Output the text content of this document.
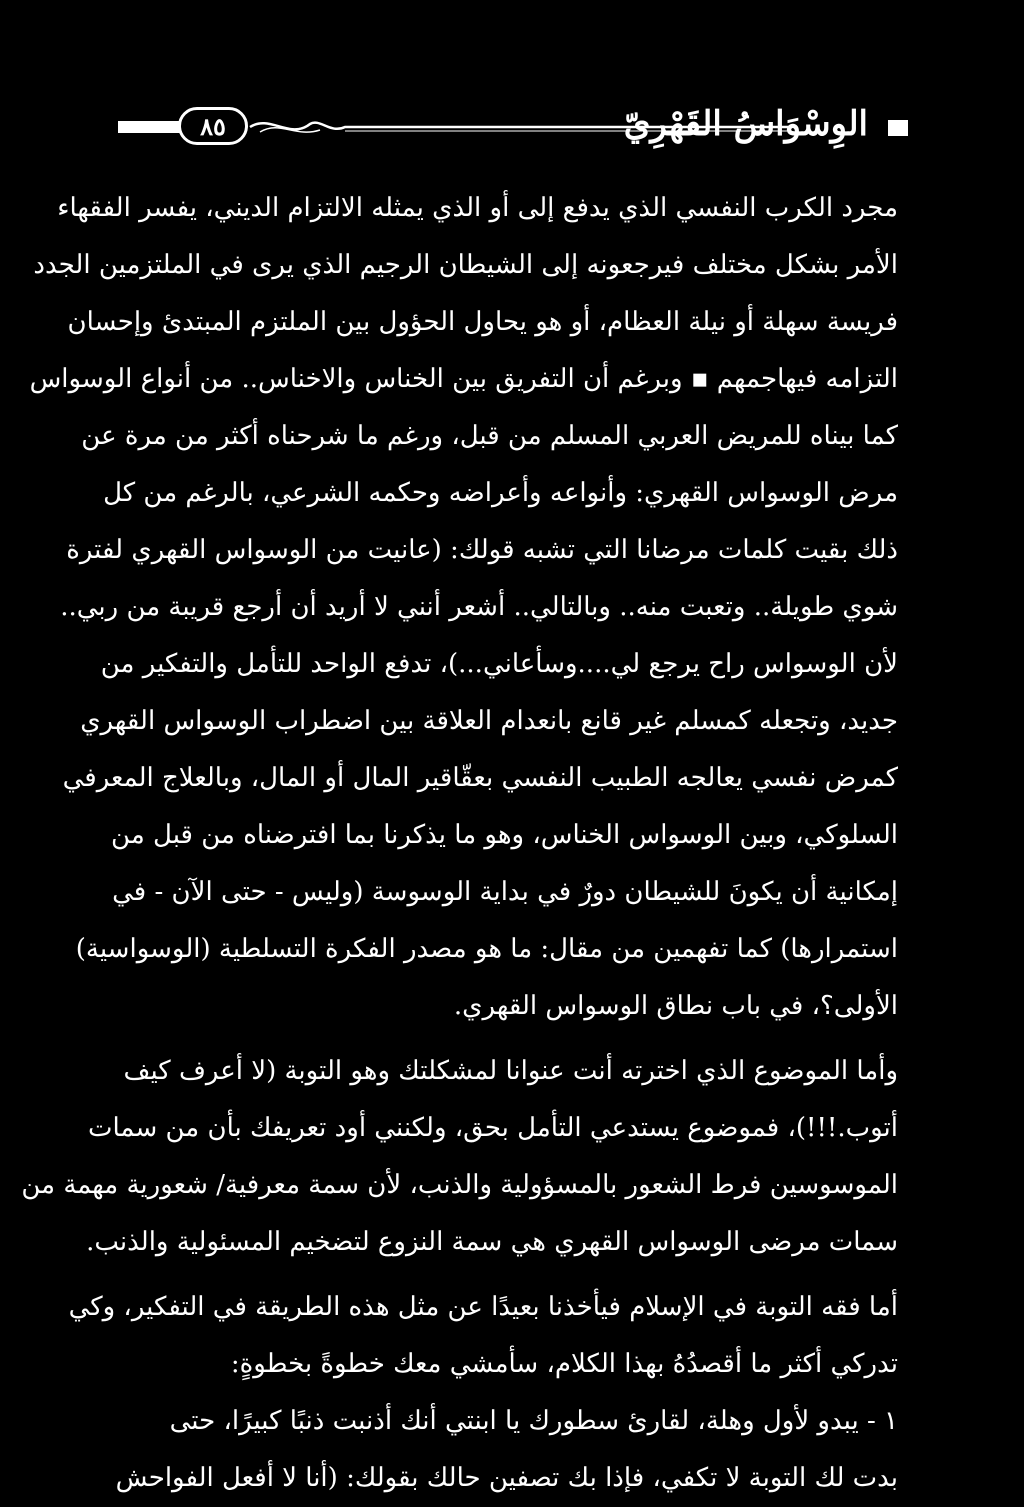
٨٥	الوِسْوَاسُ القَهْرِيّ
مجرد الكرب النفسي الذي يدفع إلى أو الذي يمثله الالتزام الديني، يفسر الفقهاء
الأمر بشكل مختلف فيرجعونه إلى الشيطان الرجيم الذي يرى في الملتزمين الجدد
فريسة سهلة أو نيلة العظام، أو هو يحاول الحؤول بين الملتزم المبتدئ وإحسان
التزامه فيهاجمهم ▪ وبرغم أن التفريق بين الخناس والاخناس.. من أنواع الوسواس
كما بيناه للمريض العربي المسلم من قبل، ورغم ما شرحناه أكثر من مرة عن
مرض الوسواس القهري: وأنواعه وأعراضه وحكمه الشرعي، بالرغم من كل
ذلك بقيت كلمات مرضانا التي تشبه قولك: (عانيت من الوسواس القهري لفترة
شوي طويلة.. وتعبت منه.. وبالتالي.. أشعر أنني لا أريد أن أرجع قريبة من ربي..
لأن الوسواس راح يرجع لي....وسأعاني...)، تدفع الواحد للتأمل والتفكير من
جديد، وتجعله كمسلم غير قانع بانعدام العلاقة بين اضطراب الوسواس القهري
كمرض نفسي يعالجه الطبيب النفسي بعقّاقير المال أو المال، وبالعلاج المعرفي
السلوكي، وبين الوسواس الخناس، وهو ما يذكرنا بما افترضناه من قبل من
إمكانية أن يكونَ للشيطان دورٌ في بداية الوسوسة (وليس - حتى الآن - في
استمرارها) كما تفهمين من مقال: ما هو مصدر الفكرة التسلطية (الوسواسية)
الأولى؟، في باب نطاق الوسواس القهري.
وأما الموضوع الذي اخترته أنت عنوانا لمشكلتك وهو التوبة (لا أعرف كيف
أتوب.!!!)، فموضوع يستدعي التأمل بحق، ولكنني أود تعريفك بأن من سمات
الموسوسين فرط الشعور بالمسؤولية والذنب، لأن سمة معرفية/ شعورية مهمة من
سمات مرضى الوسواس القهري هي سمة النزوع لتضخيم المسئولية والذنب.
أما فقه التوبة في الإسلام فيأخذنا بعيدًا عن مثل هذه الطريقة في التفكير، وكي
تدركي أكثر ما أقصدُهُ بهذا الكلام، سأمشي معك خطوةً بخطوةٍ:
١ - يبدو لأول وهلة، لقارئ سطورك يا ابنتي أنك أذنبت ذنبًا كبيرًا، حتى
بدت لك التوبة لا تكفي، فإذا بك تصفين حالك بقولك: (أنا لا أفعل الفواحش
